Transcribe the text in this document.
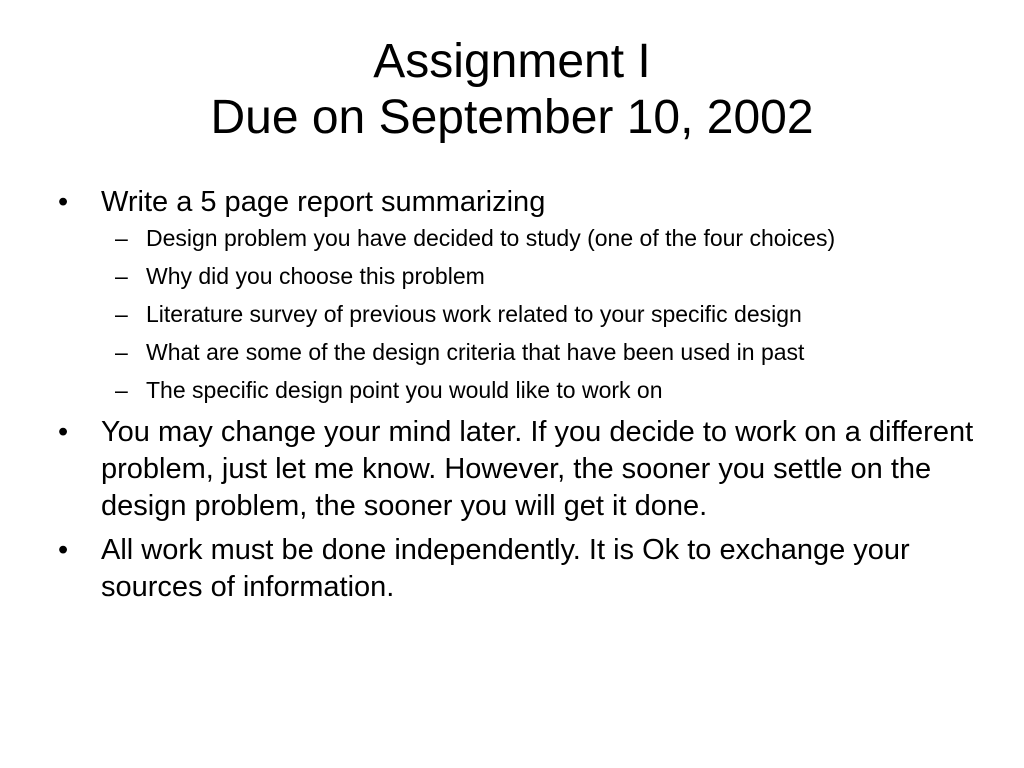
Assignment I
Due on September 10, 2002
• Write a 5 page report summarizing
– Design problem you have decided to study (one of the four choices)
– Why did you choose this problem
– Literature survey of previous work related to your specific design
– What are some of the design criteria that have been used in past
– The specific design point you would like to work on
• You may change your mind later. If you decide to work on a different problem, just let me know. However, the sooner you settle on the design problem, the sooner you will get it done.
• All work must be done independently. It is Ok to exchange your sources of information.
